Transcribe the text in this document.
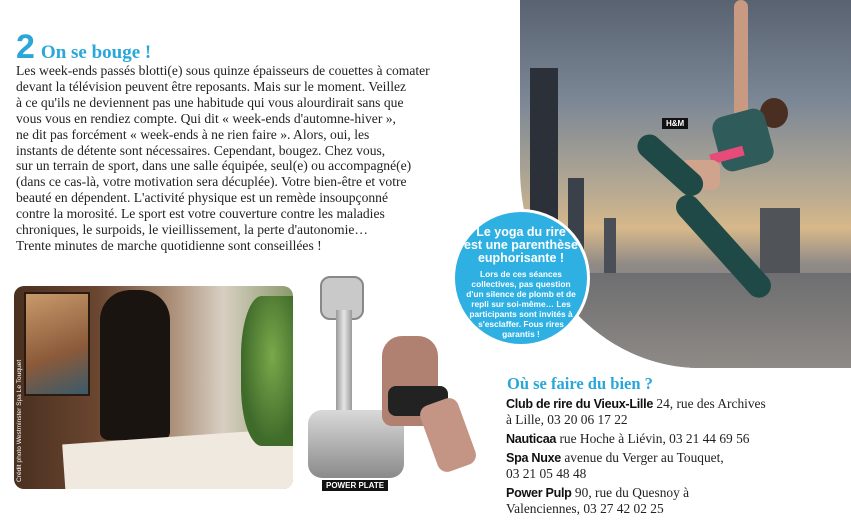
2 On se bouge !
Les week-ends passés blotti(e) sous quinze épaisseurs de couettes à comater
devant la télévision peuvent être reposants. Mais sur le moment. Veillez
à ce qu'ils ne deviennent pas une habitude qui vous alourdirait sans que
vous vous en rendiez compte. Qui dit « week-ends d'automne-hiver »,
ne dit pas forcément « week-ends à ne rien faire ». Alors, oui, les
instants de détente sont nécessaires. Cependant, bougez. Chez vous,
sur un terrain de sport, dans une salle équipée, seul(e) ou accompagné(e)
(dans ce cas-là, votre motivation sera décuplée). Votre bien-être et votre
beauté en dépendent. L'activité physique est un remède insoupçonné
contre la morosité. Le sport est votre couverture contre les maladies
chroniques, le surpoids, le vieillissement, la perte d'autonomie…
Trente minutes de marche quotidienne sont conseillées !
H&M
Le yoga du rire
est une parenthèse
euphorisante !
Lors de ces séances collectives, pas question d'un silence de plomb et de repli sur soi-même… Les participants sont invités à s'esclaffer. Fous rires garantis !
Crédit photo Westminster Spa Le Touquet
POWER PLATE
Où se faire du bien ?
Club de rire du Vieux-Lille 24, rue des Archives
à Lille, 03 20 06 17 22
Nauticaa rue Hoche à Liévin, 03 21 44 69 56
Spa Nuxe avenue du Verger au Touquet,
03 21 05 48 48
Power Pulp 90, rue du Quesnoy à
Valenciennes, 03 27 42 02 25
